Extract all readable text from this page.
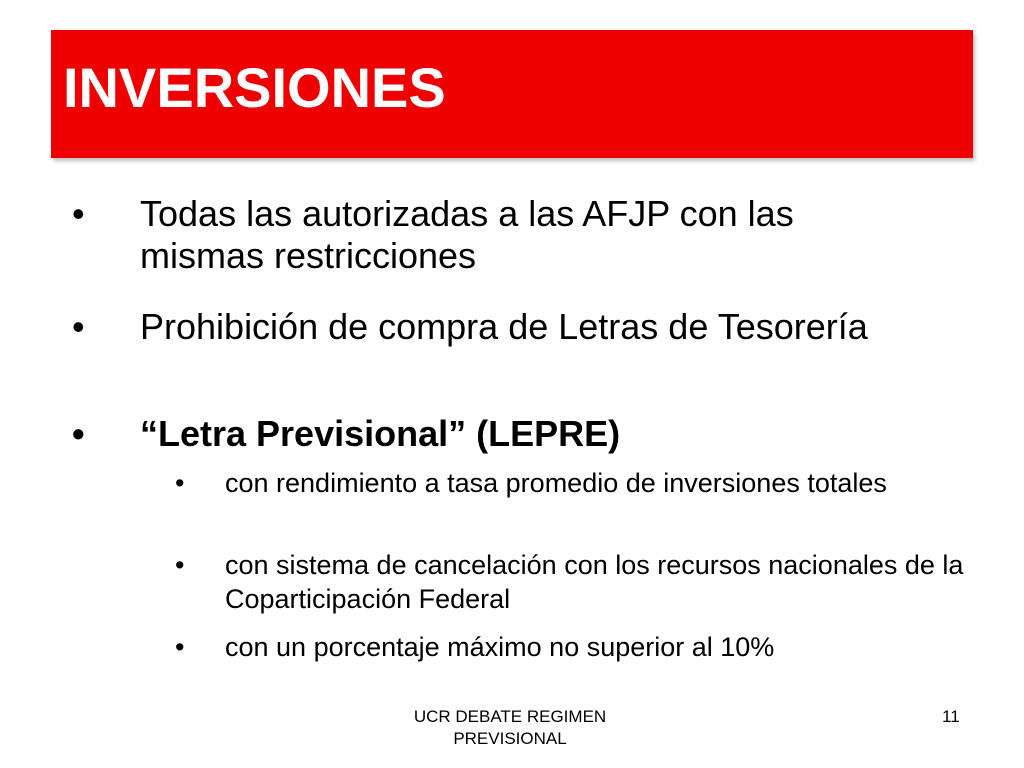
INVERSIONES
• Todas las autorizadas a las AFJP con las mismas restricciones
• Prohibición de compra de Letras de Tesorería
• “Letra Previsional” (LEPRE)
• con rendimiento a tasa promedio de inversiones totales
• con sistema de cancelación con los recursos nacionales de la Coparticipación Federal
• con un porcentaje máximo no superior al 10%
UCR DEBATE REGIMEN PREVISIONAL
11
